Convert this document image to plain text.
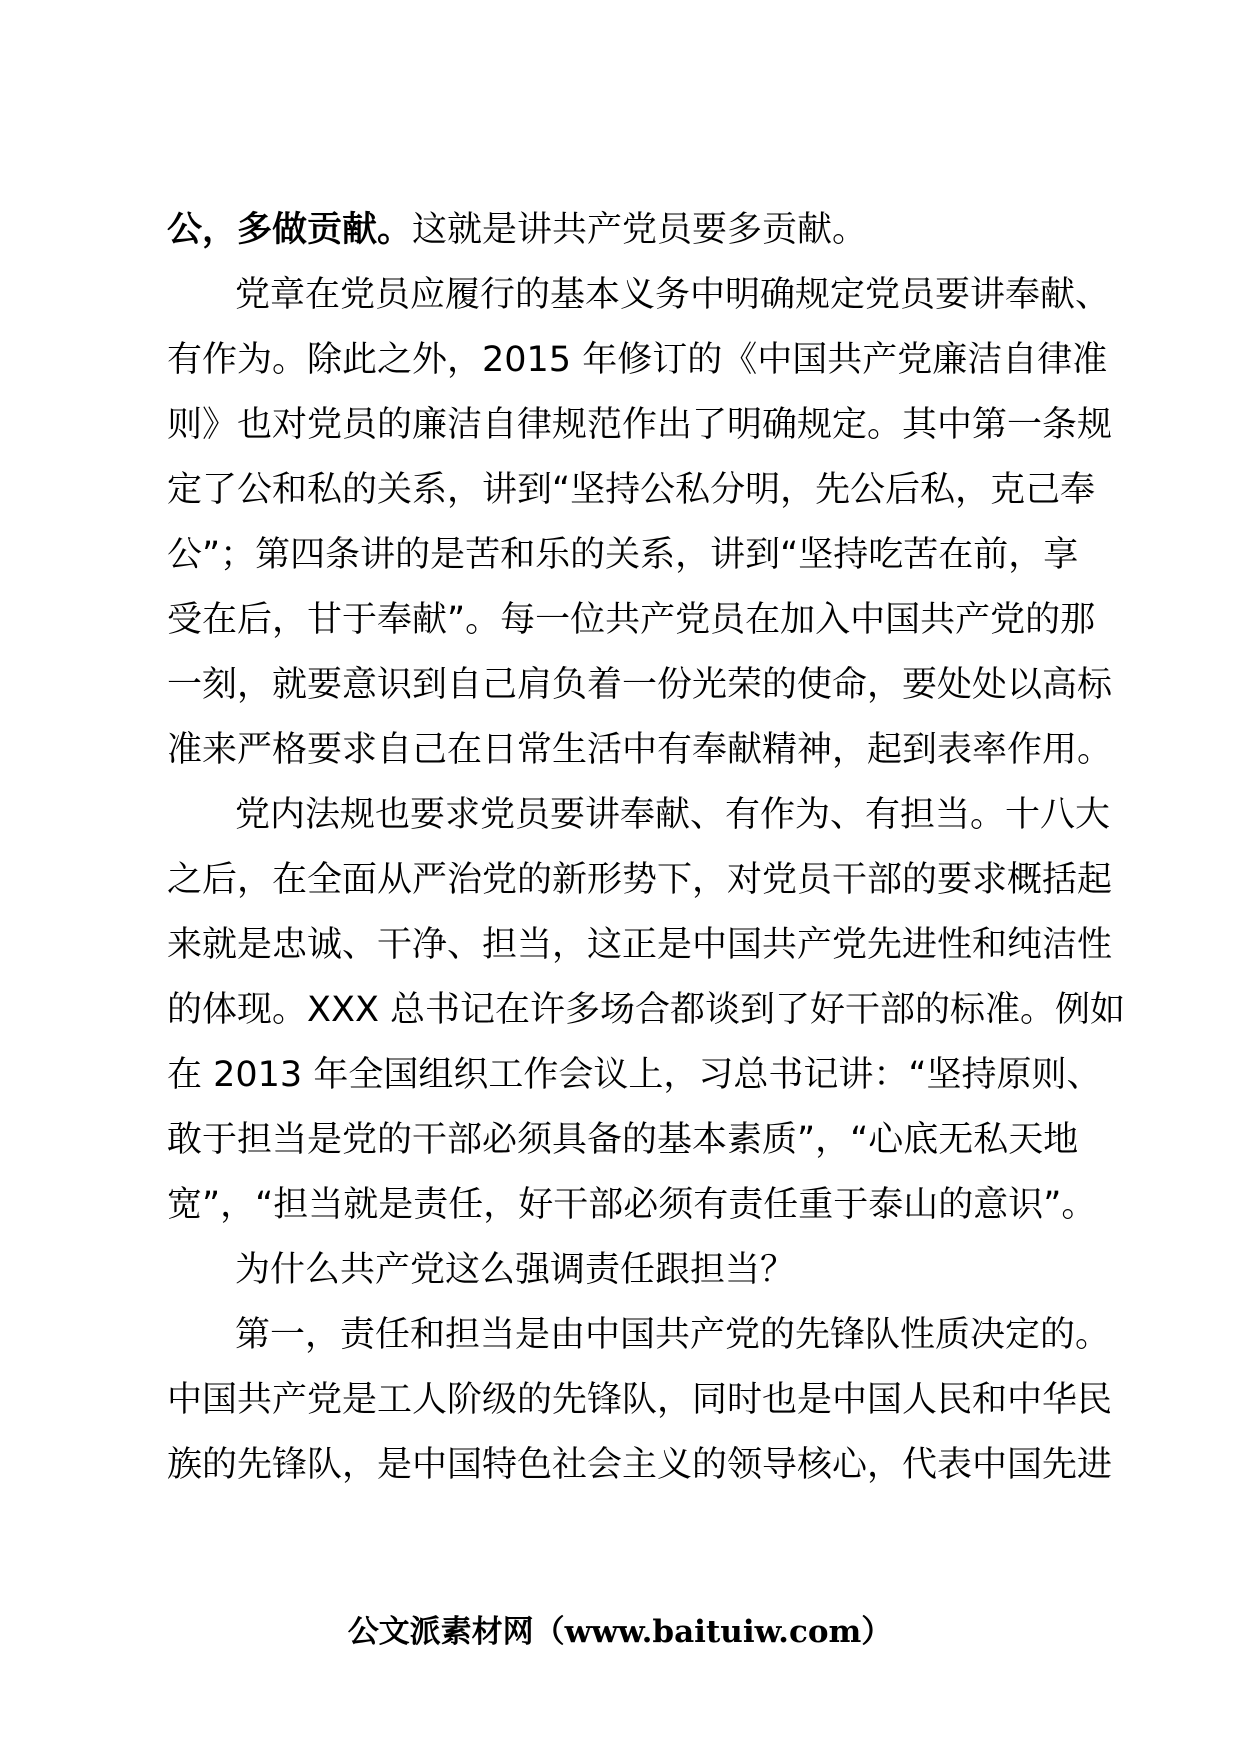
公，多做贡献。这就是讲共产党员要多贡献。
党章在党员应履行的基本义务中明确规定党员要讲奉献、
有作为。除此之外，2015 年修订的《中国共产党廉洁自律准
则》也对党员的廉洁自律规范作出了明确规定。其中第一条规
定了公和私的关系，讲到“坚持公私分明，先公后私，克己奉
公”；第四条讲的是苦和乐的关系，讲到“坚持吃苦在前，享
受在后，甘于奉献”。每一位共产党员在加入中国共产党的那
一刻，就要意识到自己肩负着一份光荣的使命，要处处以高标
准来严格要求自己在日常生活中有奉献精神，起到表率作用。
党内法规也要求党员要讲奉献、有作为、有担当。十八大
之后，在全面从严治党的新形势下，对党员干部的要求概括起
来就是忠诚、干净、担当，这正是中国共产党先进性和纯洁性
的体现。XXX 总书记在许多场合都谈到了好干部的标准。例如
在 2013 年全国组织工作会议上，习总书记讲：“坚持原则、
敢于担当是党的干部必须具备的基本素质”，“心底无私天地
宽”，“担当就是责任，好干部必须有责任重于泰山的意识”。
为什么共产党这么强调责任跟担当？
第一，责任和担当是由中国共产党的先锋队性质决定的。
中国共产党是工人阶级的先锋队，同时也是中国人民和中华民
族的先锋队，是中国特色社会主义的领导核心，代表中国先进
公文派素材网（www.baituiw.com）
